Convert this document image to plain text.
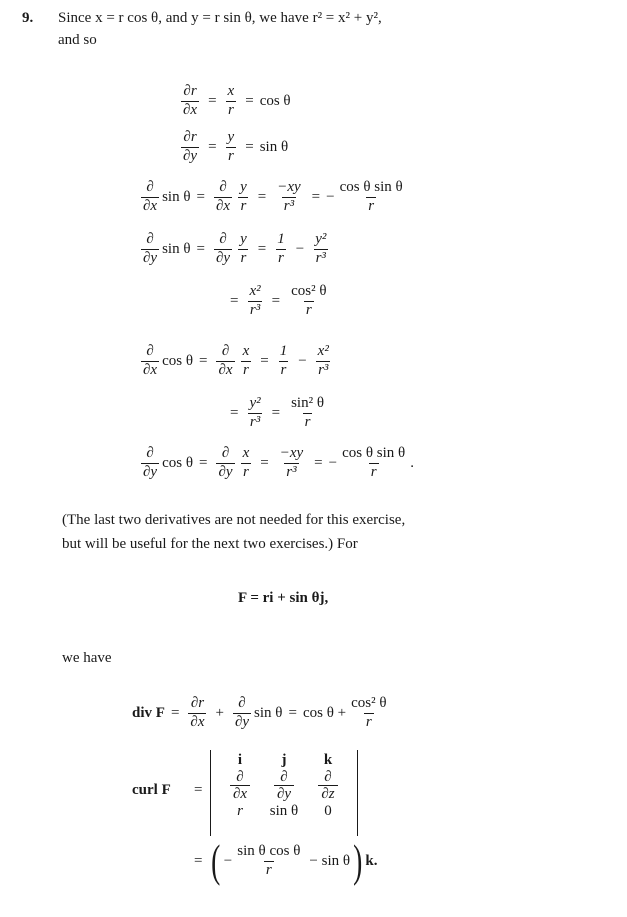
9. Since x = r cos θ, and y = r sin θ, we have r² = x² + y²,
and so
$\frac{\partial r}{\partial x} = \frac{x}{r} = \cos \theta$
$\frac{\partial r}{\partial y} = \frac{y}{r} = \sin \theta$
$\frac{\partial}{\partial x}$ $\sin \theta = \frac{\partial}{\partial x} \frac{y}{r} = \frac{-xy}{\text{r³}}$ = − $\frac{\text{cos θ sin θ}}{r}$
$\frac{\partial}{\partial y}$ $\sin \theta = \frac{\partial}{\partial y} \frac{y}{r} = \frac{1}{r} - \frac{\text{y²}}{\text{r³}}$
= $\frac{\text{x²}}{\text{r³}} = \frac{\text{cos² θ}}{r}$
$\frac{\partial}{\partial x}$ $\cos \theta = \frac{\partial}{\partial x} \frac{x}{r} = \frac{1}{r} - \frac{\text{x²}}{\text{r³}}$
= $\frac{\text{y²}}{\text{r³}} = \frac{\text{sin² θ}}{r}$
$\frac{\partial}{\partial y}$ $\cos \theta = \frac{\partial}{\partial y} \frac{x}{r} = \frac{-xy}{\text{r³}}$ = − $\frac{\text{cos θ sin θ}}{r}$ .
(The last two derivatives are not needed for this exercise,
but will be useful for the next two exercises.) For
F = ri + sin θj,
we have
div $F = \frac{\partial r}{\partial x} + \frac{\partial}{\partial y}$ $\sin \theta = \cos \theta + \frac{\text{cos² θ}}{r}$
curl F =
i	j	k
∂	∂	∂
∂x	∂y	∂z
r	sin θ	0
= ( − $\frac{\text{sin θ cos θ}}{r} - \sin \theta$ ) k.
